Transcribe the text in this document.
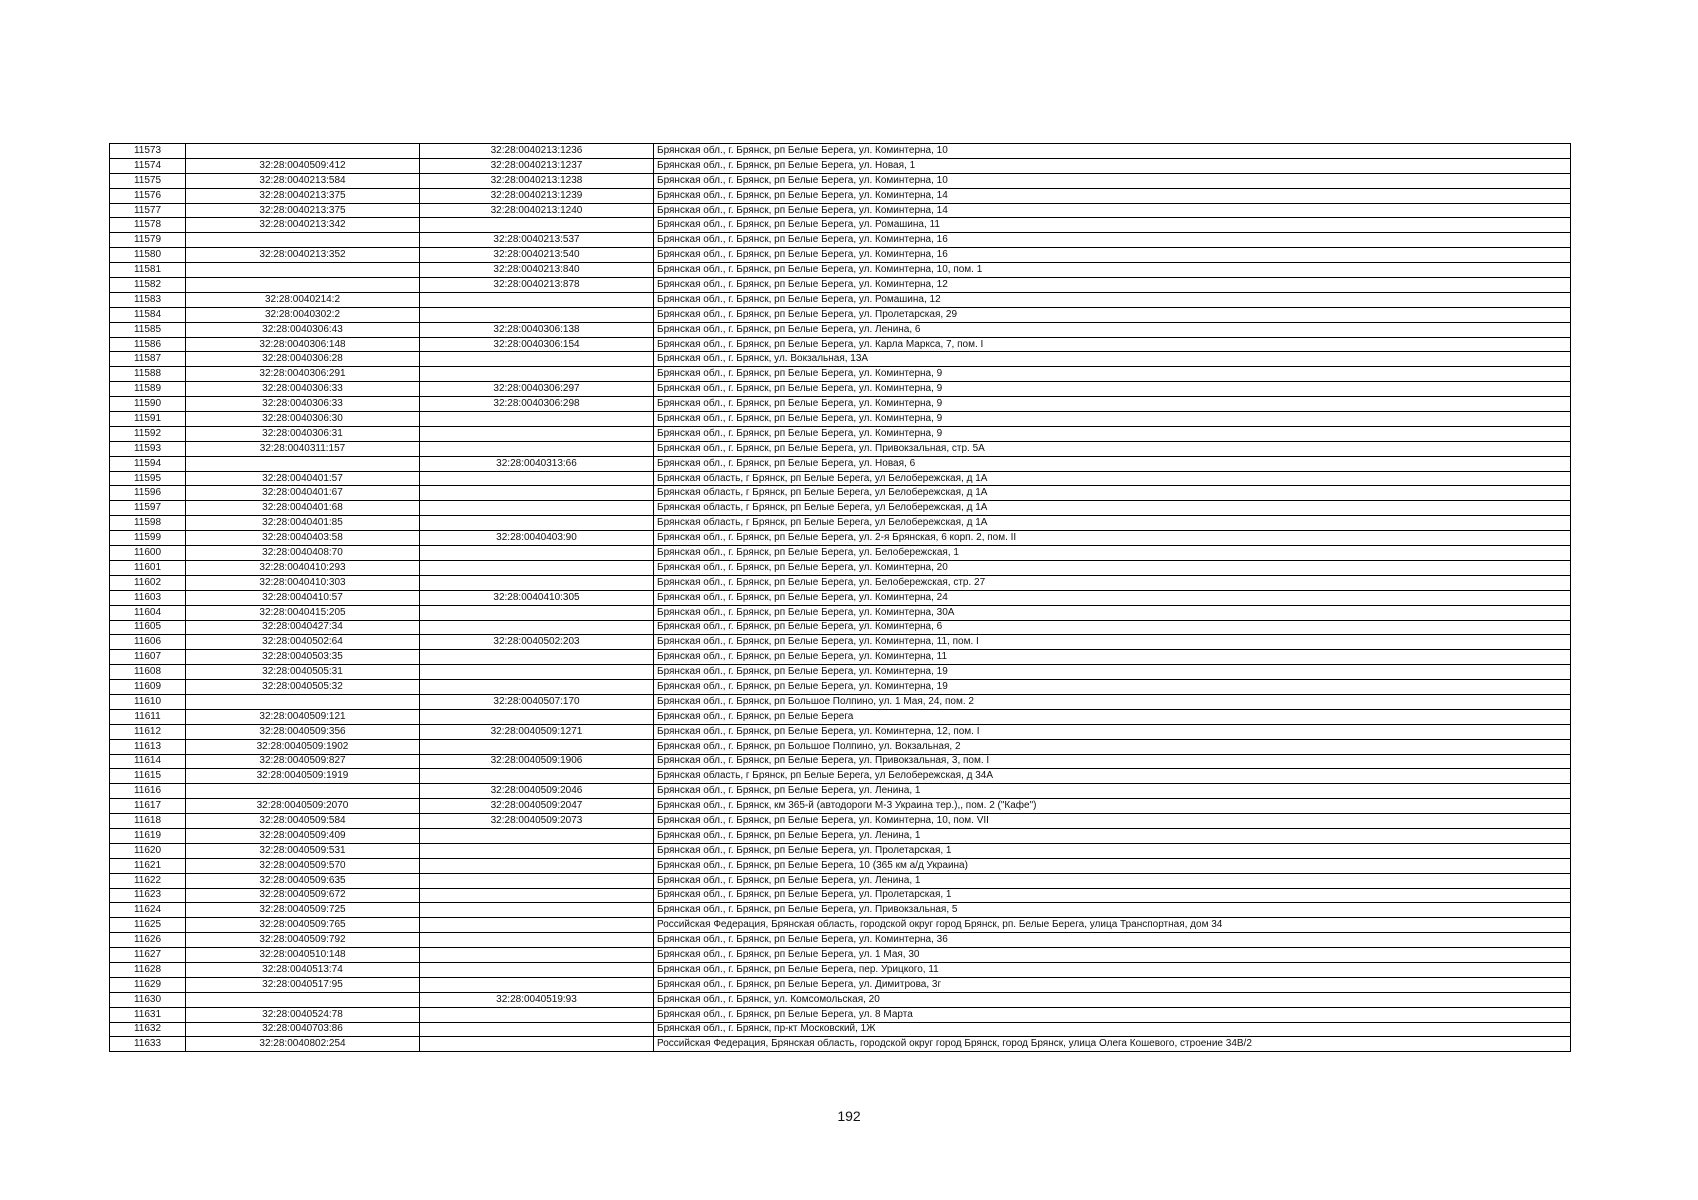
11573		32:28:0040213:1236	Брянская обл., г. Брянск, рп Белые Берега, ул. Коминтерна, 10
11574	32:28:0040509:412	32:28:0040213:1237	Брянская обл., г. Брянск, рп Белые Берега, ул. Новая, 1
11575	32:28:0040213:584	32:28:0040213:1238	Брянская обл., г. Брянск, рп Белые Берега, ул. Коминтерна, 10
11576	32:28:0040213:375	32:28:0040213:1239	Брянская обл., г. Брянск, рп Белые Берега, ул. Коминтерна, 14
11577	32:28:0040213:375	32:28:0040213:1240	Брянская обл., г. Брянск, рп Белые Берега, ул. Коминтерна, 14
11578	32:28:0040213:342		Брянская обл., г. Брянск, рп Белые Берега, ул. Ромашина, 11
11579		32:28:0040213:537	Брянская обл., г. Брянск, рп Белые Берега, ул. Коминтерна, 16
11580	32:28:0040213:352	32:28:0040213:540	Брянская обл., г. Брянск, рп Белые Берега, ул. Коминтерна, 16
11581		32:28:0040213:840	Брянская обл., г. Брянск, рп Белые Берега, ул. Коминтерна, 10, пом. 1
11582		32:28:0040213:878	Брянская обл., г. Брянск, рп Белые Берега, ул. Коминтерна, 12
11583	32:28:0040214:2		Брянская обл., г. Брянск, рп Белые Берега, ул. Ромашина, 12
11584	32:28:0040302:2		Брянская обл., г. Брянск, рп Белые Берега, ул. Пролетарская, 29
11585	32:28:0040306:43	32:28:0040306:138	Брянская обл., г. Брянск, рп Белые Берега, ул. Ленина, 6
11586	32:28:0040306:148	32:28:0040306:154	Брянская обл., г. Брянск, рп Белые Берега, ул. Карла Маркса, 7, пом. I
11587	32:28:0040306:28		Брянская обл., г. Брянск, ул. Вокзальная, 13А
11588	32:28:0040306:291		Брянская обл., г. Брянск, рп Белые Берега, ул. Коминтерна, 9
11589	32:28:0040306:33	32:28:0040306:297	Брянская обл., г. Брянск, рп Белые Берега, ул. Коминтерна, 9
11590	32:28:0040306:33	32:28:0040306:298	Брянская обл., г. Брянск, рп Белые Берега, ул. Коминтерна, 9
11591	32:28:0040306:30		Брянская обл., г. Брянск, рп Белые Берега, ул. Коминтерна, 9
11592	32:28:0040306:31		Брянская обл., г. Брянск, рп Белые Берега, ул. Коминтерна, 9
11593	32:28:0040311:157		Брянская обл., г. Брянск, рп Белые Берега, ул. Привокзальная, стр. 5А
11594		32:28:0040313:66	Брянская обл., г. Брянск, рп Белые Берега, ул. Новая, 6
11595	32:28:0040401:57		Брянская область, г Брянск, рп Белые Берега, ул Белобережская, д 1А
11596	32:28:0040401:67		Брянская область, г Брянск, рп Белые Берега, ул Белобережская, д 1А
11597	32:28:0040401:68		Брянская область, г Брянск, рп Белые Берега, ул Белобережская, д 1А
11598	32:28:0040401:85		Брянская область, г Брянск, рп Белые Берега, ул Белобережская, д 1А
11599	32:28:0040403:58	32:28:0040403:90	Брянская обл., г. Брянск, рп Белые Берега, ул. 2-я Брянская, 6 корп. 2, пом. II
11600	32:28:0040408:70		Брянская обл., г. Брянск, рп Белые Берега, ул. Белобережская, 1
11601	32:28:0040410:293		Брянская обл., г. Брянск, рп Белые Берега, ул. Коминтерна, 20
11602	32:28:0040410:303		Брянская обл., г. Брянск, рп Белые Берега, ул. Белобережская, стр. 27
11603	32:28:0040410:57	32:28:0040410:305	Брянская обл., г. Брянск, рп Белые Берега, ул. Коминтерна, 24
11604	32:28:0040415:205		Брянская обл., г. Брянск, рп Белые Берега, ул. Коминтерна, 30А
11605	32:28:0040427:34		Брянская обл., г. Брянск, рп Белые Берега, ул. Коминтерна, 6
11606	32:28:0040502:64	32:28:0040502:203	Брянская обл., г. Брянск, рп Белые Берега, ул. Коминтерна, 11, пом. I
11607	32:28:0040503:35		Брянская обл., г. Брянск, рп Белые Берега, ул. Коминтерна, 11
11608	32:28:0040505:31		Брянская обл., г. Брянск, рп Белые Берега, ул. Коминтерна, 19
11609	32:28:0040505:32		Брянская обл., г. Брянск, рп Белые Берега, ул. Коминтерна, 19
11610		32:28:0040507:170	Брянская обл., г. Брянск, рп Большое Полпино, ул. 1 Мая, 24, пом. 2
11611	32:28:0040509:121		Брянская обл., г. Брянск, рп Белые Берега
11612	32:28:0040509:356	32:28:0040509:1271	Брянская обл., г. Брянск, рп Белые Берега, ул. Коминтерна, 12, пом. I
11613	32:28:0040509:1902		Брянская обл., г. Брянск, рп Большое Полпино, ул. Вокзальная, 2
11614	32:28:0040509:827	32:28:0040509:1906	Брянская обл., г. Брянск, рп Белые Берега, ул. Привокзальная, 3, пом. I
11615	32:28:0040509:1919		Брянская область, г Брянск, рп Белые Берега, ул Белобережская, д 34А
11616		32:28:0040509:2046	Брянская обл., г. Брянск, рп Белые Берега, ул. Ленина, 1
11617	32:28:0040509:2070	32:28:0040509:2047	Брянская обл., г. Брянск, км 365-й (автодороги М-3 Украина тер.),, пом. 2 ("Кафе")
11618	32:28:0040509:584	32:28:0040509:2073	Брянская обл., г. Брянск, рп Белые Берега, ул. Коминтерна, 10, пом. VII
11619	32:28:0040509:409		Брянская обл., г. Брянск, рп Белые Берега, ул. Ленина, 1
11620	32:28:0040509:531		Брянская обл., г. Брянск, рп Белые Берега, ул. Пролетарская, 1
11621	32:28:0040509:570		Брянская обл., г. Брянск, рп Белые Берега, 10 (365 км а/д Украина)
11622	32:28:0040509:635		Брянская обл., г. Брянск, рп Белые Берега, ул. Ленина, 1
11623	32:28:0040509:672		Брянская обл., г. Брянск, рп Белые Берега, ул. Пролетарская, 1
11624	32:28:0040509:725		Брянская обл., г. Брянск, рп Белые Берега, ул. Привокзальная, 5
11625	32:28:0040509:765		Российская Федерация, Брянская область, городской округ город Брянск, рп. Белые Берега, улица Транспортная, дом 34
11626	32:28:0040509:792		Брянская обл., г. Брянск, рп Белые Берега, ул. Коминтерна, 36
11627	32:28:0040510:148		Брянская обл., г. Брянск, рп Белые Берега, ул. 1 Мая, 30
11628	32:28:0040513:74		Брянская обл., г. Брянск, рп Белые Берега, пер. Урицкого, 11
11629	32:28:0040517:95		Брянская обл., г. Брянск, рп Белые Берега, ул. Димитрова, 3г
11630		32:28:0040519:93	Брянская обл., г. Брянск, ул. Комсомольская, 20
11631	32:28:0040524:78		Брянская обл., г. Брянск, рп Белые Берега, ул. 8 Марта
11632	32:28:0040703:86		Брянская обл., г. Брянск, пр-кт Московский, 1Ж
11633	32:28:0040802:254		Российская Федерация, Брянская область, городской округ город Брянск, город Брянск, улица Олега Кошевого, строение 34В/2
192
